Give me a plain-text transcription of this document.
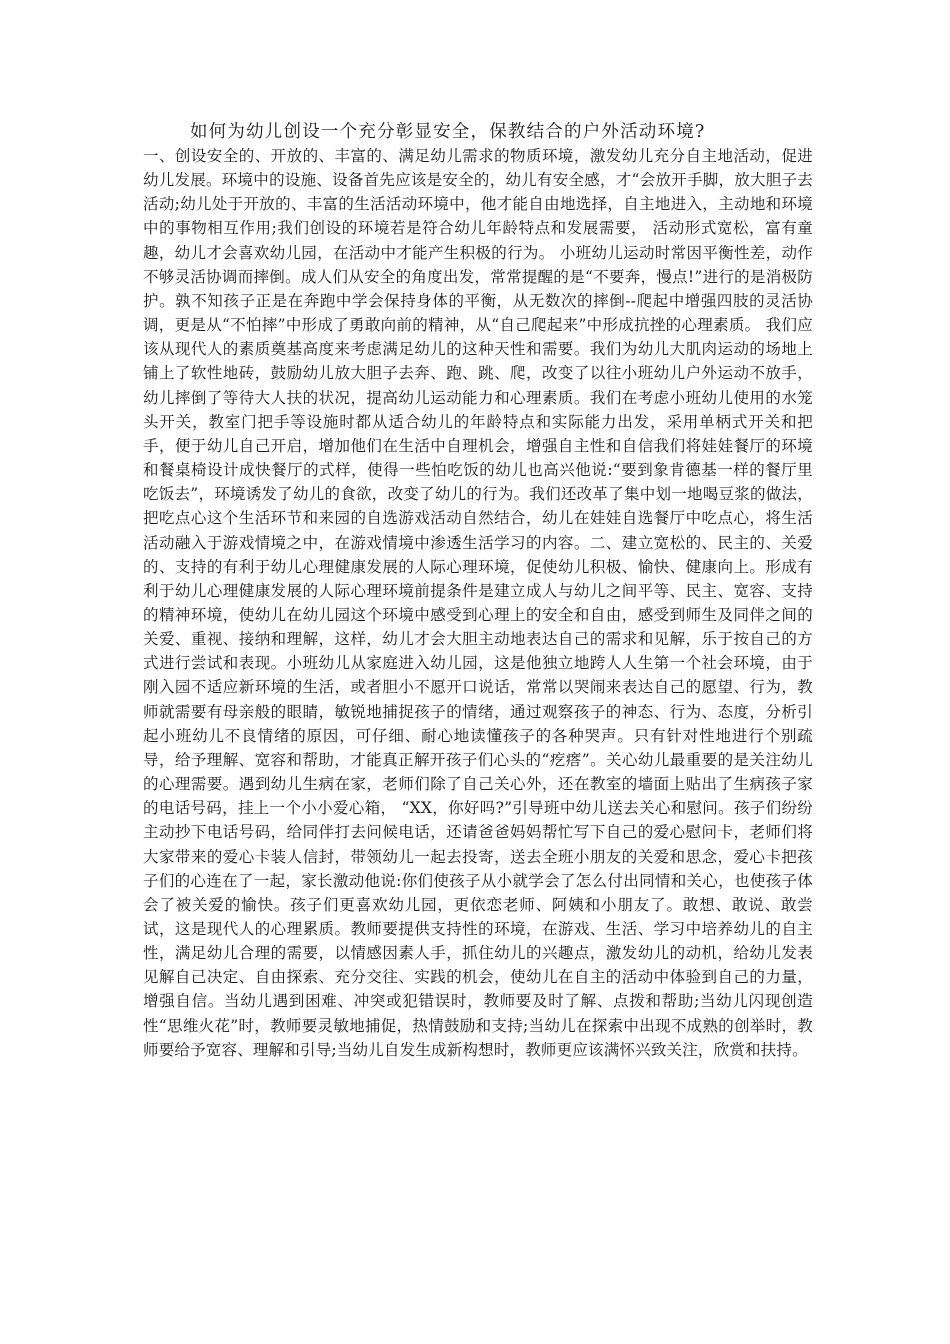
如何为幼儿创设一个充分彰显安全，保教结合的户外活动环境?

一、创设安全的、开放的、丰富的、满足幼儿需求的物质环境，激发幼儿充分自主地活动，促进幼儿发展。环境中的设施、设备首先应该是安全的，幼儿有安全感，才“会放开手脚，放大胆子去活动;幼儿处于开放的、丰富的生活活动环境中，他才能自由地选择，自主地进入，主动地和环境中的事物相互作用;我们创设的环境若是符合幼儿年龄特点和发展需要， 活动形式宽松，富有童趣，幼儿才会喜欢幼儿园，在活动中才能产生积极的行为。 小班幼儿运动时常因平衡性差，动作不够灵活协调而摔倒。成人们从安全的角度出发，常常提醒的是“不要奔，慢点!”进行的是消极防护。孰不知孩子正是在奔跑中学会保持身体的平衡，从无数次的摔倒--爬起中增强四肢的灵活协调，更是从“不怕摔”中形成了勇敢向前的精神，从“自己爬起来”中形成抗挫的心理素质。 我们应该从现代人的素质奠基高度来考虑满足幼儿的这种天性和需要。我们为幼儿大肌肉运动的场地上铺上了软性地砖，鼓励幼儿放大胆子去奔、跑、跳、爬，改变了以往小班幼儿户外运动不放手，幼儿摔倒了等待大人扶的状况，提高幼儿运动能力和心理素质。我们在考虑小班幼儿使用的水笼头开关，教室门把手等设施时都从适合幼儿的年龄特点和实际能力出发，采用单柄式开关和把手，便于幼儿自己开启，增加他们在生活中自理机会，增强自主性和自信我们将娃娃餐厅的环境和餐桌椅设计成快餐厅的式样，使得一些怕吃饭的幼儿也高兴他说:“要到象肯德基一样的餐厅里吃饭去”，环境诱发了幼儿的食欲，改变了幼儿的行为。我们还改革了集中划一地喝豆浆的做法，把吃点心这个生活环节和来园的自选游戏活动自然结合，幼儿在娃娃自选餐厅中吃点心，将生活活动融入于游戏情境之中，在游戏情境中渗透生活学习的内容。二、建立宽松的、民主的、关爱的、支持的有利于幼儿心理健康发展的人际心理环境，促使幼儿积极、愉快、健康向上。形成有利于幼儿心理健康发展的人际心理环境前提条件是建立成人与幼儿之间平等、民主、宽容、支持的精神环境，使幼儿在幼儿园这个环境中感受到心理上的安全和自由，感受到师生及同伴之间的关爱、重视、接纳和理解，这样，幼儿才会大胆主动地表达自己的需求和见解，乐于按自己的方式进行尝试和表现。小班幼儿从家庭进入幼儿园，这是他独立地跨人人生第一个社会环境，由于刚入园不适应新环境的生活，或者胆小不愿开口说话，常常以哭闹来表达自己的愿望、行为，教师就需要有母亲般的眼睛，敏锐地捕捉孩子的情绪，通过观察孩子的神态、行为、态度，分析引起小班幼儿不良情绪的原因，可仔细、耐心地读懂孩子的各种哭声。只有针对性地进行个别疏导，给予理解、宽容和帮助，才能真正解开孩子们心头的“疙瘩”。关心幼儿最重要的是关注幼儿的心理需要。遇到幼儿生病在家，老师们除了自己关心外，还在教室的墙面上贴出了生病孩子家的电话号码，挂上一个小小爱心箱， “XX，你好吗?”引导班中幼儿送去关心和慰问。孩子们纷纷主动抄下电话号码，给同伴打去问候电话，还请爸爸妈妈帮忙写下自己的爱心慰问卡，老师们将大家带来的爱心卡装人信封，带领幼儿一起去投寄，送去全班小朋友的关爱和思念，爱心卡把孩子们的心连在了一起，家长激动他说:你们使孩子从小就学会了怎么付出同情和关心，也使孩子体会了被关爱的愉快。孩子们更喜欢幼儿园，更依恋老师、阿姨和小朋友了。敢想、敢说、敢尝试，这是现代人的心理累质。教师要提供支持性的环境，在游戏、生活、学习中培养幼儿的自主性，满足幼儿合理的需要，以情感因素人手，抓住幼儿的兴趣点，激发幼儿的动机，给幼儿发表见解自己决定、自由探索、充分交往、实践的机会，使幼儿在自主的活动中体验到自己的力量，增强自信。当幼儿遇到困难、冲突或犯错误时，教师要及时了解、点拨和帮助;当幼儿闪现创造性“思维火花”时，教师要灵敏地捕促，热情鼓励和支持;当幼儿在探索中出现不成熟的创举时，教师要给予宽容、理解和引导;当幼儿自发生成新构想时，教师更应该满怀兴致关注，欣赏和扶持。
